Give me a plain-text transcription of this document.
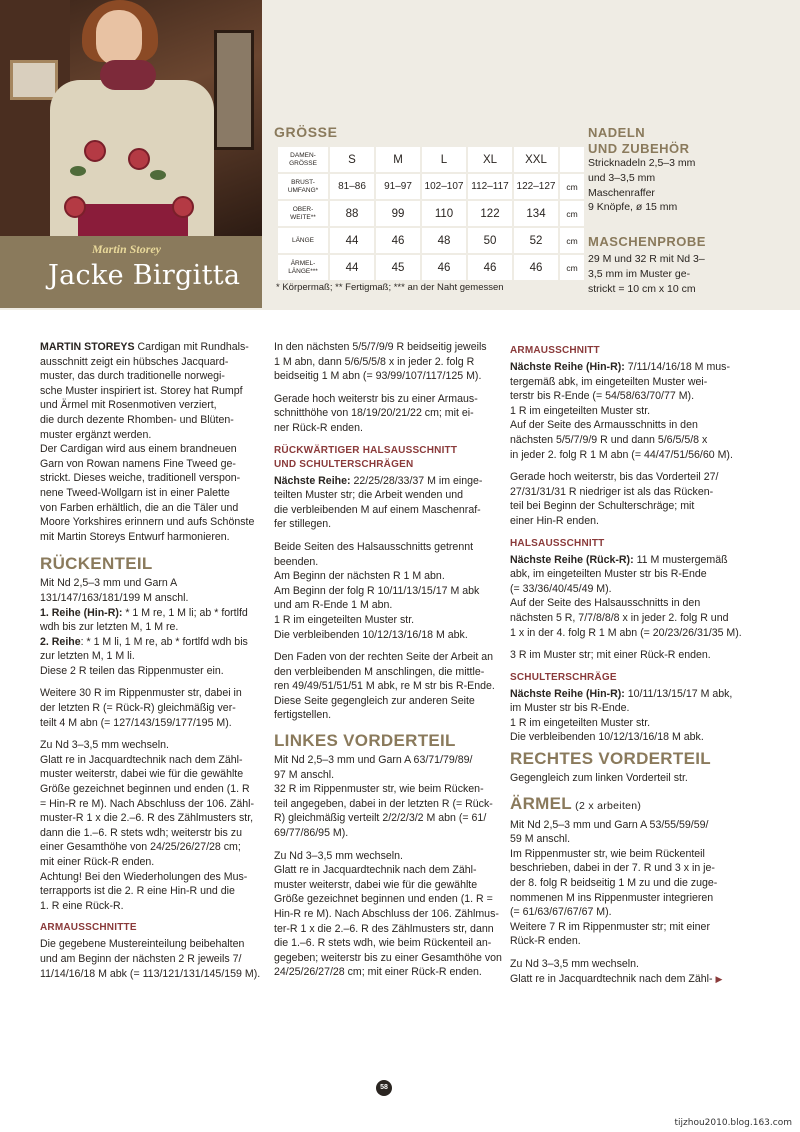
Martin Storey
Jacke Birgitta
GRÖSSE
DAMEN-
GRÖSSE	S	M	L	XL	XXL	
BRUST-
UMFANG*	81–86	91–97	102–107	112–117	122–127	cm
OBER-
WEITE**	88	99	110	122	134	cm
LÄNGE	44	46	48	50	52	cm
ÄRMEL-
LÄNGE***	44	45	46	46	46	cm
* Körpermaß; ** Fertigmaß; *** an der Naht gemessen
NADELN
UND ZUBEHÖR
Stricknadeln 2,5–3 mm
und 3–3,5 mm
Maschenraffer
9 Knöpfe, ø 15 mm
MASCHENPROBE
29 M und 32 R mit Nd 3–
3,5 mm im Muster ge-
strickt = 10 cm x 10 cm

MARTIN STOREYS Cardigan mit Rundhals-
ausschnitt zeigt ein hübsches Jacquard-
muster, das durch traditionelle norwegi-
sche Muster inspiriert ist. Storey hat Rumpf
und Ärmel mit Rosenmotiven verziert,
die durch dezente Rhomben- und Blüten-
muster ergänzt werden.
Der Cardigan wird aus einem brandneuen
Garn von Rowan namens Fine Tweed ge-
strickt. Dieses weiche, traditionell verspon-
nene Tweed-Wollgarn ist in einer Palette
von Farben erhältlich, die an die Täler und
Moore Yorkshires erinnern und aufs Schönste
mit Martin Storeys Entwurf harmonieren.

RÜCKENTEIL

Mit Nd 2,5–3 mm und Garn A
131/147/163/181/199 M anschl.

1. Reihe (Hin-R): * 1 M re, 1 M li; ab * fortlfd
wdh bis zur letzten M, 1 M re.

2. Reihe: * 1 M li, 1 M re, ab * fortlfd wdh bis
zur letzten M, 1 M li.
Diese 2 R teilen das Rippenmuster ein.

Weitere 30 R im Rippenmuster str, dabei in
der letzten R (= Rück-R) gleichmäßig ver-
teilt 4 M abn (= 127/143/159/177/195 M).

Zu Nd 3–3,5 mm wechseln.
Glatt re in Jacquardtechnik nach dem Zähl-
muster weiterstr, dabei wie für die gewählte
Größe gezeichnet beginnen und enden (1. R
= Hin-R re M). Nach Abschluss der 106. Zähl-
muster-R 1 x die 2.–6. R des Zählmusters str,
dann die 1.–6. R stets wdh; weiterstr bis zu
einer Gesamthöhe von 24/25/26/27/28 cm;
mit einer Rück-R enden.
Achtung! Bei den Wiederholungen des Mus-
terrapports ist die 2. R eine Hin-R und die
1. R eine Rück-R.

ARMAUSSCHNITTE

Die gegebene Mustereinteilung beibehalten
und am Beginn der nächsten 2 R jeweils 7/
11/14/16/18 M abk (= 113/121/131/145/159 M).

In den nächsten 5/5/7/9/9 R beidseitig jeweils
1 M abn, dann 5/6/5/5/8 x in jeder 2. folg R
beidseitig 1 M abn (= 93/99/107/117/125 M).

Gerade hoch weiterstr bis zu einer Armaus-
schnitthöhe von 18/19/20/21/22 cm; mit ei-
ner Rück-R enden.

RÜCKWÄRTIGER HALSAUSSCHNITT
UND SCHULTERSCHRÄGEN

Nächste Reihe: 22/25/28/33/37 M im einge-
teilten Muster str; die Arbeit wenden und
die verbleibenden M auf einem Maschenraf-
fer stillegen.

Beide Seiten des Halsausschnitts getrennt
beenden.
Am Beginn der nächsten R 1 M abn.
Am Beginn der folg R 10/11/13/15/17 M abk
und am R-Ende 1 M abn.
1 R im eingeteilten Muster str.
Die verbleibenden 10/12/13/16/18 M abk.

Den Faden von der rechten Seite der Arbeit an
den verbleibenden M anschlingen, die mittle-
ren 49/49/51/51/51 M abk, re M str bis R-Ende.
Diese Seite gegengleich zur anderen Seite
fertigstellen.

LINKES VORDERTEIL

Mit Nd 2,5–3 mm und Garn A 63/71/79/89/
97 M anschl.
32 R im Rippenmuster str, wie beim Rücken-
teil angegeben, dabei in der letzten R (= Rück-
R) gleichmäßig verteilt 2/2/2/3/2 M abn (= 61/
69/77/86/95 M).

Zu Nd 3–3,5 mm wechseln.
Glatt re in Jacquardtechnik nach dem Zähl-
muster weiterstr, dabei wie für die gewählte
Größe gezeichnet beginnen und enden (1. R =
Hin-R re M). Nach Abschluss der 106. Zählmus-
ter-R 1 x die 2.–6. R des Zählmusters str, dann
die 1.–6. R stets wdh, wie beim Rückenteil an-
gegeben; weiterstr bis zu einer Gesamthöhe von
24/25/26/27/28 cm; mit einer Rück-R enden.

ARMAUSSCHNITT

Nächste Reihe (Hin-R): 7/11/14/16/18 M mus-
tergemäß abk, im eingeteilten Muster wei-
terstr bis R-Ende (= 54/58/63/70/77 M).
1 R im eingeteilten Muster str.
Auf der Seite des Armausschnitts in den
nächsten 5/5/7/9/9 R und dann 5/6/5/5/8 x
in jeder 2. folg R 1 M abn (= 44/47/51/56/60 M).

Gerade hoch weiterstr, bis das Vorderteil 27/
27/31/31/31 R niedriger ist als das Rücken-
teil bei Beginn der Schulterschräge; mit
einer Hin-R enden.

HALSAUSSCHNITT

Nächste Reihe (Rück-R): 11 M mustergemäß
abk, im eingeteilten Muster str bis R-Ende
(= 33/36/40/45/49 M).
Auf der Seite des Halsausschnitts in den
nächsten 5 R, 7/7/8/8/8 x in jeder 2. folg R und
1 x in der 4. folg R 1 M abn (= 20/23/26/31/35 M).

3 R im Muster str; mit einer Rück-R enden.

SCHULTERSCHRÄGE

Nächste Reihe (Hin-R): 10/11/13/15/17 M abk,
im Muster str bis R-Ende.
1 R im eingeteilten Muster str.
Die verbleibenden 10/12/13/16/18 M abk.

RECHTES VORDERTEIL

Gegengleich zum linken Vorderteil str.

ÄRMEL (2 x arbeiten)

Mit Nd 2,5–3 mm und Garn A 53/55/59/59/
59 M anschl.
Im Rippenmuster str, wie beim Rückenteil
beschrieben, dabei in der 7. R und 3 x in je-
der 8. folg R beidseitig 1 M zu und die zuge-
nommenen M ins Rippenmuster integrieren
(= 61/63/67/67/67 M).
Weitere 7 R im Rippenmuster str; mit einer
Rück-R enden.

Zu Nd 3–3,5 mm wechseln.
Glatt re in Jacquardtechnik nach dem Zähl- ▶

58
tijzhou2010.blog.163.com
